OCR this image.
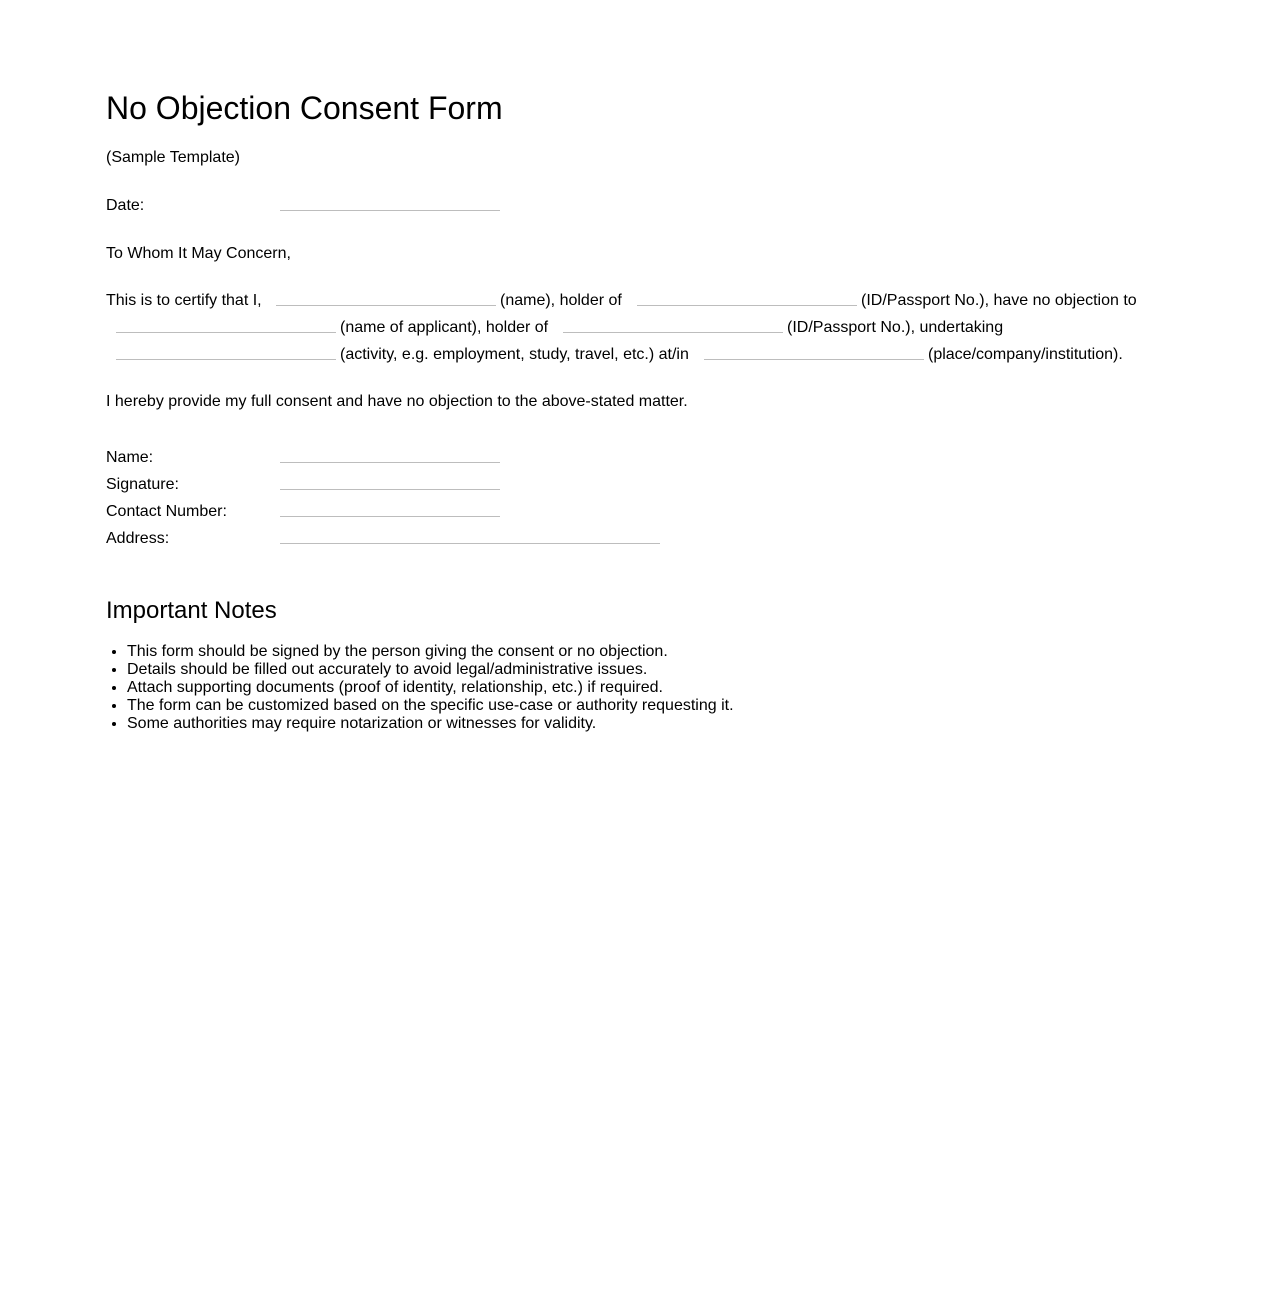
No Objection Consent Form
(Sample Template)
Date:
To Whom It May Concern,
This is to certify that I,	(name), holder of	(ID/Passport No.), have no objection to
(name of applicant), holder of	(ID/Passport No.), undertaking
(activity, e.g. employment, study, travel, etc.) at/in	(place/company/institution).
I hereby provide my full consent and have no objection to the above-stated matter.
Name:
Signature:
Contact Number:
Address:
Important Notes
• This form should be signed by the person giving the consent or no objection.
• Details should be filled out accurately to avoid legal/administrative issues.
• Attach supporting documents (proof of identity, relationship, etc.) if required.
• The form can be customized based on the specific use-case or authority requesting it.
• Some authorities may require notarization or witnesses for validity.
